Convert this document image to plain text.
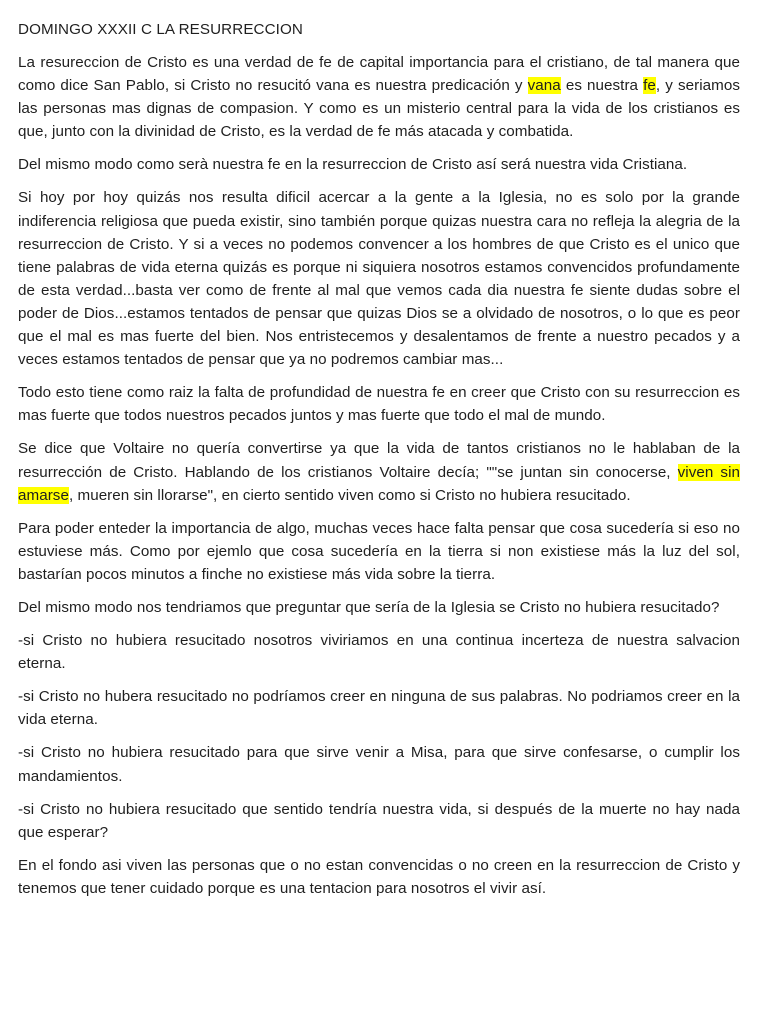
DOMINGO XXXII C LA RESURRECCION

La resureccion de Cristo es una verdad de fe de capital importancia para el cristiano, de tal manera que como dice San Pablo, si Cristo no resucitó vana es nuestra predicación y vana es nuestra fe, y seriamos las personas mas dignas de compasion. Y como es un misterio central para la vida de los cristianos es que, junto con la divinidad de Cristo, es la verdad de fe más atacada y combatida.

Del mismo modo como serà nuestra fe en la resurreccion de Cristo así será nuestra vida Cristiana.

Si hoy por hoy quizás nos resulta dificil acercar a la gente a la Iglesia, no es solo por la grande indiferencia religiosa que pueda existir, sino también porque quizas nuestra cara no refleja la alegria de la resurreccion de Cristo. Y si a veces no podemos convencer a los hombres de que Cristo es el unico que tiene palabras de vida eterna quizás es porque ni siquiera nosotros estamos convencidos profundamente de esta verdad...basta ver como de frente al mal que vemos cada dia nuestra fe siente dudas sobre el poder de Dios...estamos tentados de pensar que quizas Dios se a olvidado de nosotros, o lo que es peor que el mal es mas fuerte del bien. Nos entristecemos y desalentamos de frente a nuestro pecados y a veces estamos tentados de pensar que ya no podremos cambiar mas...

Todo esto tiene como raiz la falta de profundidad de nuestra fe en creer que Cristo con su resurreccion es mas fuerte que todos nuestros pecados juntos y mas fuerte que todo el mal de mundo.

Se dice que Voltaire no quería convertirse ya que la vida de tantos cristianos no le hablaban de la resurrección de Cristo. Hablando de los cristianos Voltaire decía; ""se juntan sin conocerse, viven sin amarse, mueren sin llorarse", en cierto sentido viven como si Cristo no hubiera resucitado.

Para poder enteder la importancia de algo, muchas veces hace falta pensar que cosa sucedería si eso no estuviese más. Como por ejemlo que cosa sucedería en la tierra si non existiese más la luz del sol, bastarían pocos minutos a finche no existiese más vida sobre la tierra.

Del mismo modo nos tendriamos que preguntar que sería de la Iglesia se Cristo no hubiera resucitado?

-si Cristo no hubiera resucitado nosotros viviriamos en una continua incerteza de nuestra salvacion eterna.

-si Cristo no hubera resucitado no podríamos creer en ninguna de sus palabras. No podriamos creer en la vida eterna.

-si Cristo no hubiera resucitado para que sirve venir a Misa, para que sirve confesarse, o cumplir los mandamientos.

-si Cristo no hubiera resucitado que sentido tendría nuestra vida, si después de la muerte no hay nada que esperar?

En el fondo asi viven las personas que o no estan convencidas o no creen en la resurreccion de Cristo y tenemos que tener cuidado porque es una tentacion para nosotros el vivir así.
